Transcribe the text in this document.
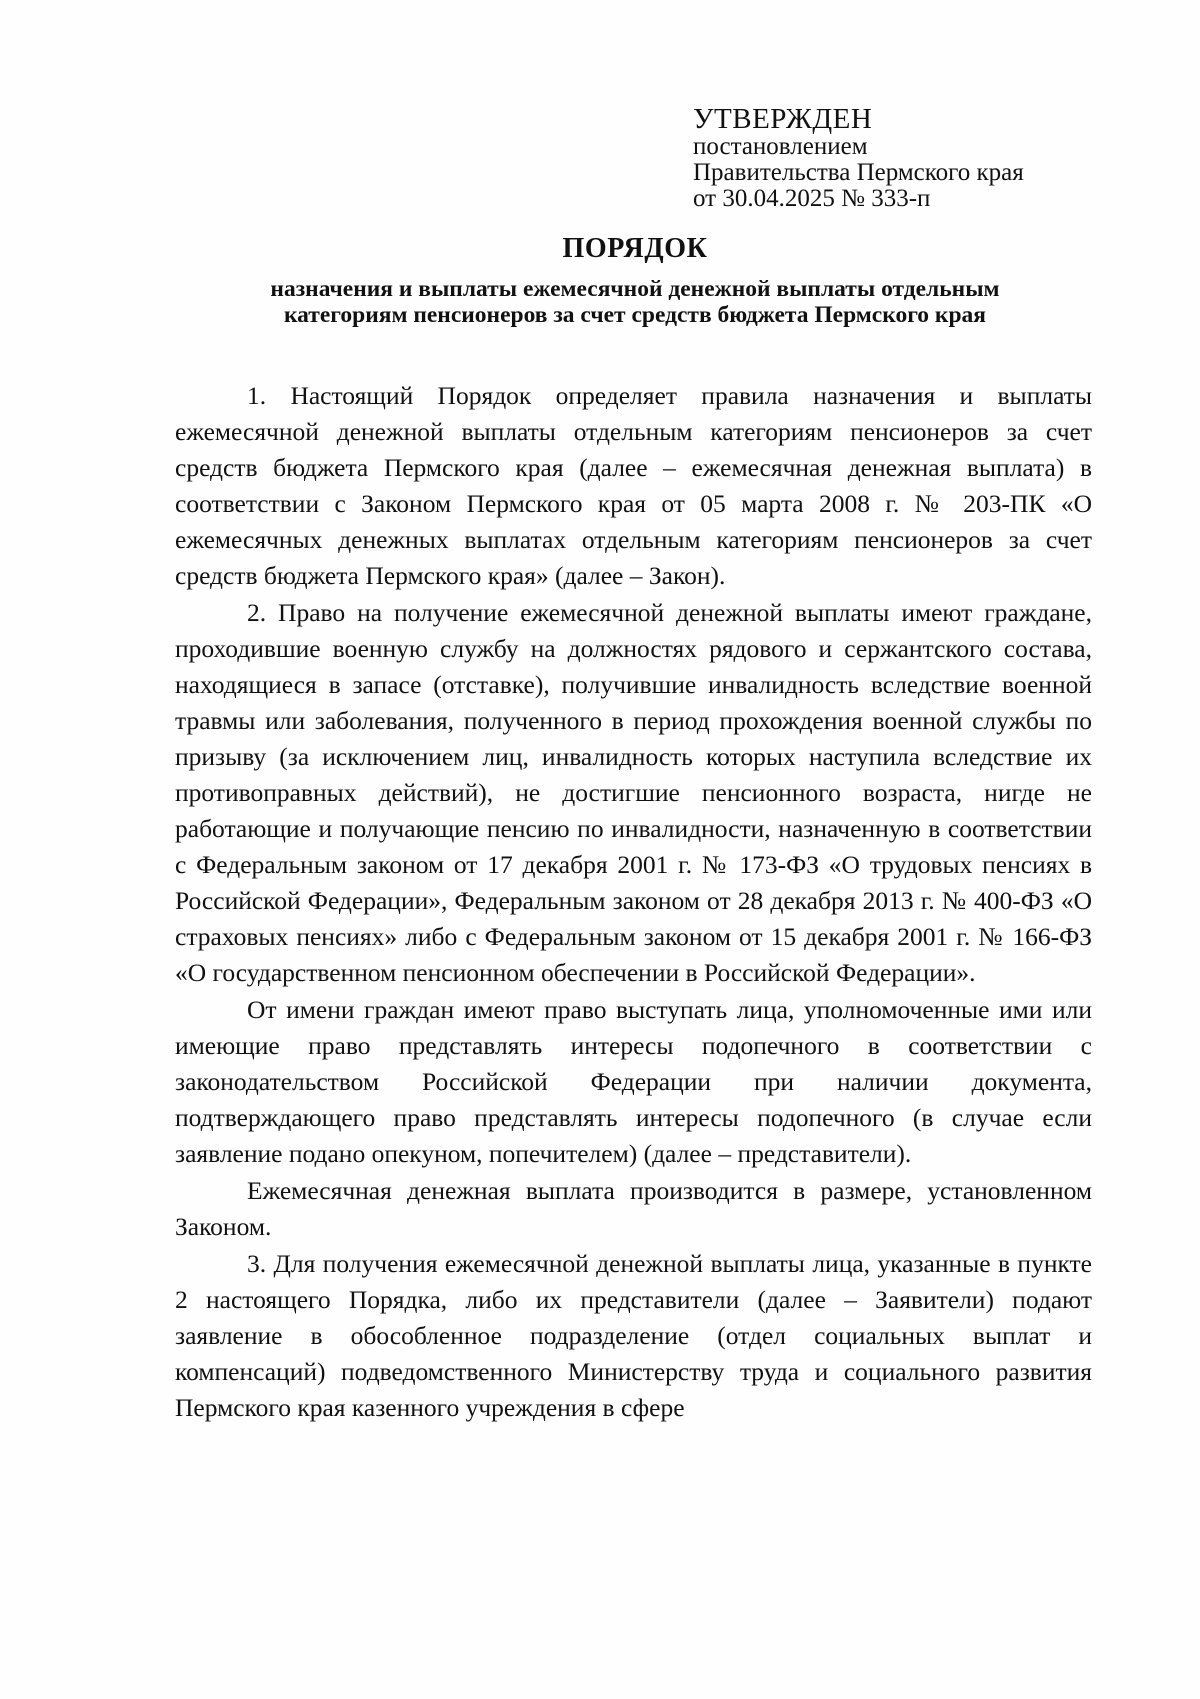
УТВЕРЖДЕН
постановлением
Правительства Пермского края
от 30.04.2025 № 333-п
ПОРЯДОК
назначения и выплаты ежемесячной денежной выплаты отдельным
категориям пенсионеров за счет средств бюджета Пермского края

1. Настоящий Порядок определяет правила назначения и выплаты ежемесячной денежной выплаты отдельным категориям пенсионеров за счет средств бюджета Пермского края (далее – ежемесячная денежная выплата) в соответствии с Законом Пермского края от 05 марта 2008 г. № 203-ПК «О ежемесячных денежных выплатах отдельным категориям пенсионеров за счет средств бюджета Пермского края» (далее – Закон).

2. Право на получение ежемесячной денежной выплаты имеют граждане, проходившие военную службу на должностях рядового и сержантского состава, находящиеся в запасе (отставке), получившие инвалидность вследствие военной травмы или заболевания, полученного в период прохождения военной службы по призыву (за исключением лиц, инвалидность которых наступила вследствие их противоправных действий), не достигшие пенсионного возраста, нигде не работающие и получающие пенсию по инвалидности, назначенную в соответствии с Федеральным законом от 17 декабря 2001 г. № 173-ФЗ «О трудовых пенсиях в Российской Федерации», Федеральным законом от 28 декабря 2013 г. № 400-ФЗ «О страховых пенсиях» либо с Федеральным законом от 15 декабря 2001 г. № 166-ФЗ «О государственном пенсионном обеспечении в Российской Федерации».

От имени граждан имеют право выступать лица, уполномоченные ими или имеющие право представлять интересы подопечного в соответствии с законодательством Российской Федерации при наличии документа, подтверждающего право представлять интересы подопечного (в случае если заявление подано опекуном, попечителем) (далее – представители).

Ежемесячная денежная выплата производится в размере, установленном Законом.

3. Для получения ежемесячной денежной выплаты лица, указанные в пункте 2 настоящего Порядка, либо их представители (далее – Заявители) подают заявление в обособленное подразделение (отдел социальных выплат и компенсаций) подведомственного Министерству труда и социального развития Пермского края казенного учреждения в сфере
